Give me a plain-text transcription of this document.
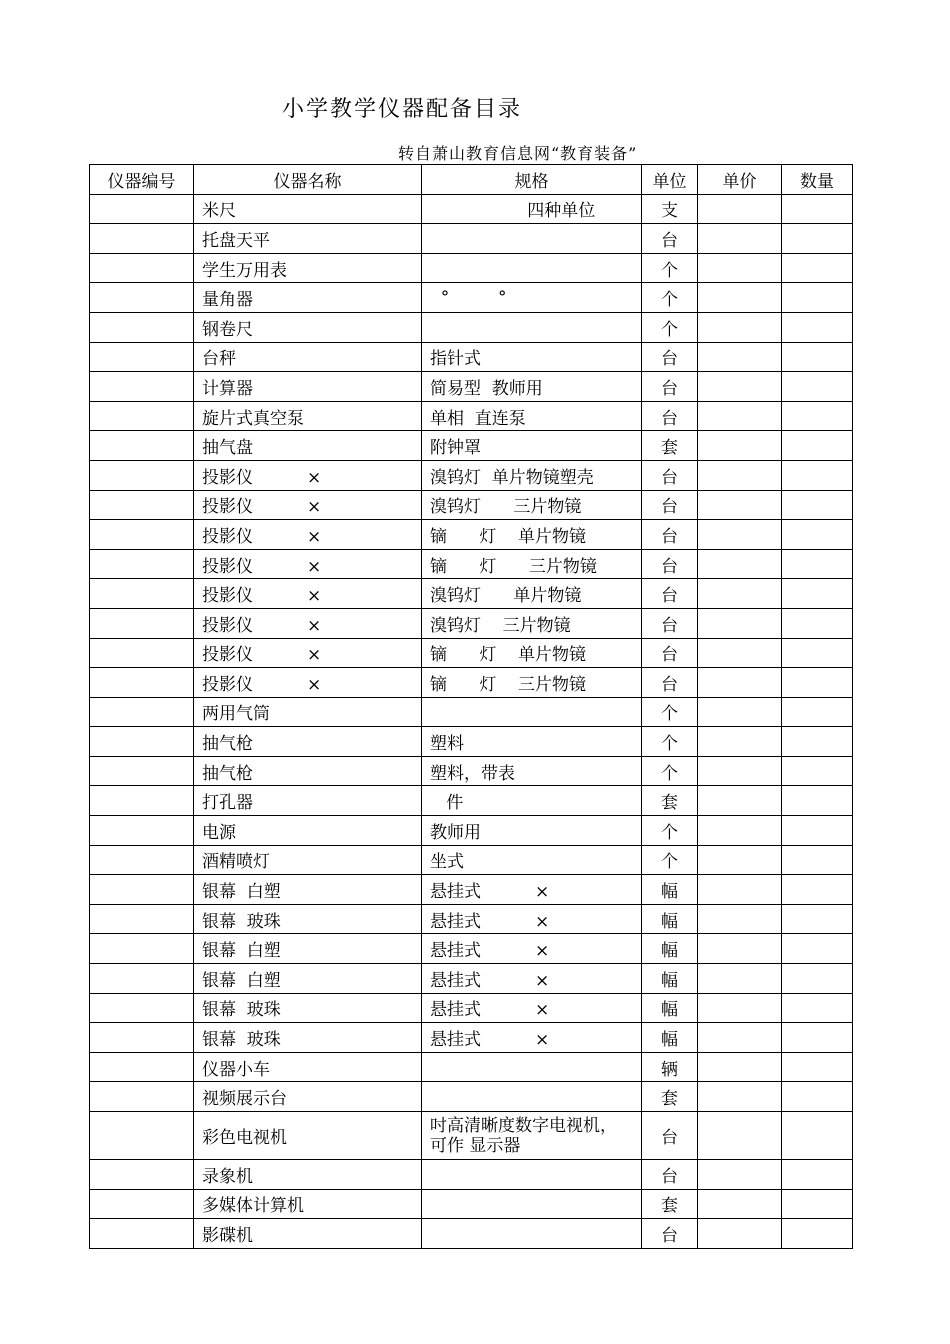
小学教学仪器配备目录
转自萧山教育信息网“教育装备”
仪器编号	仪器名称	规格	单位	单价	数量
	米尺	四种单位	支		
	托盘天平		台		
	学生万用表		个		
	量角器	°         °	个		
	钢卷尺		个		
	台秤	指针式	台		
	计算器	简易型  教师用	台		
	旋片式真空泵	单相  直连泵	台		
	抽气盘	附钟罩	套		
	投影仪          ×	溴钨灯  单片物镜塑壳	台		
	投影仪          ×	溴钨灯      三片物镜	台		
	投影仪          ×	镝      灯    单片物镜	台		
	投影仪          ×	镝      灯      三片物镜	台		
	投影仪          ×	溴钨灯      单片物镜	台		
	投影仪          ×	溴钨灯    三片物镜	台		
	投影仪          ×	镝      灯    单片物镜	台		
	投影仪          ×	镝      灯    三片物镜	台		
	两用气筒		个		
	抽气枪	塑料	个		
	抽气枪	塑料，带表	个		
	打孔器	件	套		
	电源	教师用	个		
	酒精喷灯	坐式	个		
	银幕  白塑	悬挂式          ×	幅		
	银幕  玻珠	悬挂式          ×	幅		
	银幕  白塑	悬挂式          ×	幅		
	银幕  白塑	悬挂式          ×	幅		
	银幕  玻珠	悬挂式          ×	幅		
	银幕  玻珠	悬挂式          ×	幅		
	仪器小车		辆		
	视频展示台		套		
	彩色电视机	吋高清晰度数字电视机，可作 显示器	台		
	录象机		台		
	多媒体计算机		套		
	影碟机		台		
